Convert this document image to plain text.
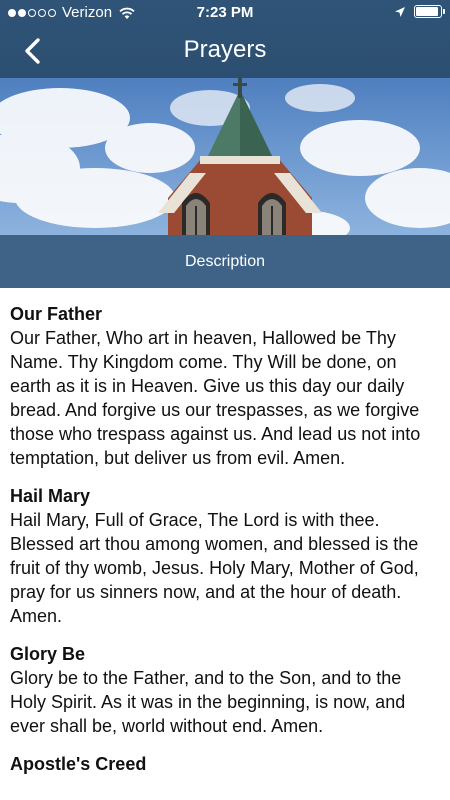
Verizon	7:23 PM
Prayers
Description
Our Father

Our Father, Who art in heaven, Hallowed be Thy Name. Thy Kingdom come. Thy Will be done, on earth as it is in Heaven. Give us this day our daily bread. And forgive us our trespasses, as we forgive those who trespass against us. And lead us not into temptation, but deliver us from evil. Amen.

Hail Mary

Hail Mary, Full of Grace, The Lord is with thee. Blessed art thou among women, and blessed is the fruit of thy womb, Jesus. Holy Mary, Mother of God, pray for us sinners now, and at the hour of death. Amen.

Glory Be

Glory be to the Father, and to the Son, and to the Holy Spirit. As it was in the beginning, is now, and ever shall be, world without end. Amen.

Apostle's Creed
